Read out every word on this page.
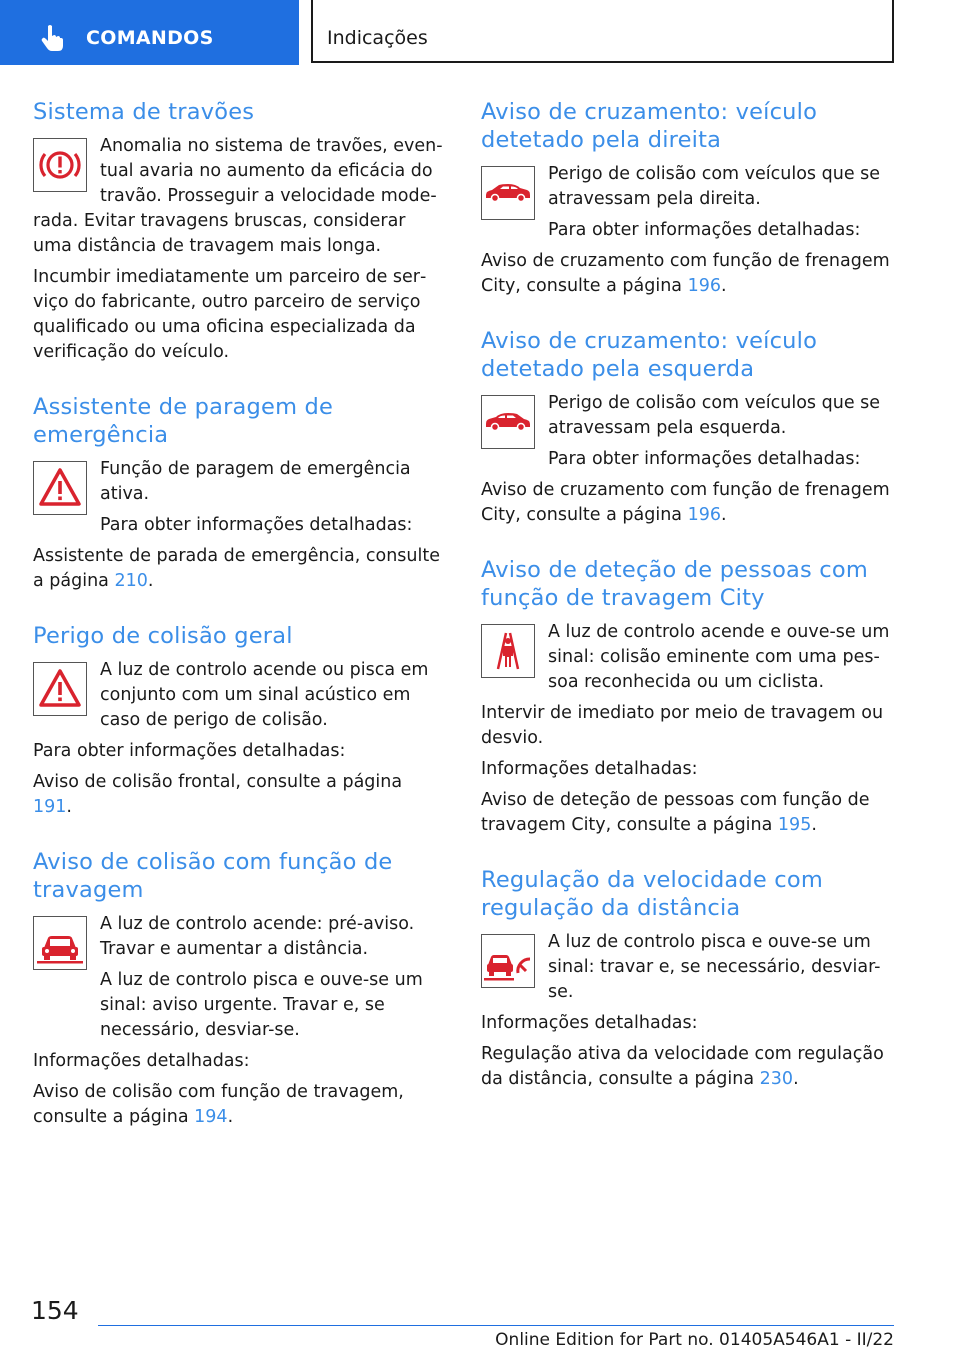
COMANDOS	Indicações
Sistema de travões

Anomalia no sistema de travões, eventual avaria no aumento da eficácia do travão. Prosseguir a velocidade moderada. Evitar travagens bruscas, considerar uma distância de travagem mais longa.

Incumbir imediatamente um parceiro de serviço do fabricante, outro parceiro de serviço qualificado ou uma oficina especializada da verificação do veículo.

Assistente de paragem de emergência

Função de paragem de emergência ativa.

Para obter informações detalhadas:

Assistente de parada de emergência, consulte a página 210.

Perigo de colisão geral

A luz de controlo acende ou pisca em conjunto com um sinal acústico em caso de perigo de colisão.

Para obter informações detalhadas:

Aviso de colisão frontal, consulte a página 191.

Aviso de colisão com função de travagem

A luz de controlo acende: pré-aviso. Travar e aumentar a distância.

A luz de controlo pisca e ouve-se um sinal: aviso urgente. Travar e, se necessário, desviar-se.

Informações detalhadas:

Aviso de colisão com função de travagem, consulte a página 194.

Aviso de cruzamento: veículo detetado pela direita

Perigo de colisão com veículos que se atravessam pela direita.

Para obter informações detalhadas:

Aviso de cruzamento com função de frenagem City, consulte a página 196.

Aviso de cruzamento: veículo detetado pela esquerda

Perigo de colisão com veículos que se atravessam pela esquerda.

Para obter informações detalhadas:

Aviso de cruzamento com função de frenagem City, consulte a página 196.

Aviso de deteção de pessoas com função de travagem City

A luz de controlo acende e ouve-se um sinal: colisão eminente com uma pessoa reconhecida ou um ciclista.

Intervir de imediato por meio de travagem ou desvio.

Informações detalhadas:

Aviso de deteção de pessoas com função de travagem City, consulte a página 195.

Regulação da velocidade com regulação da distância

A luz de controlo pisca e ouve-se um sinal: travar e, se necessário, desviar-se.

Informações detalhadas:

Regulação ativa da velocidade com regulação da distância, consulte a página 230.

154
Online Edition for Part no. 01405A546A1 - II/22
